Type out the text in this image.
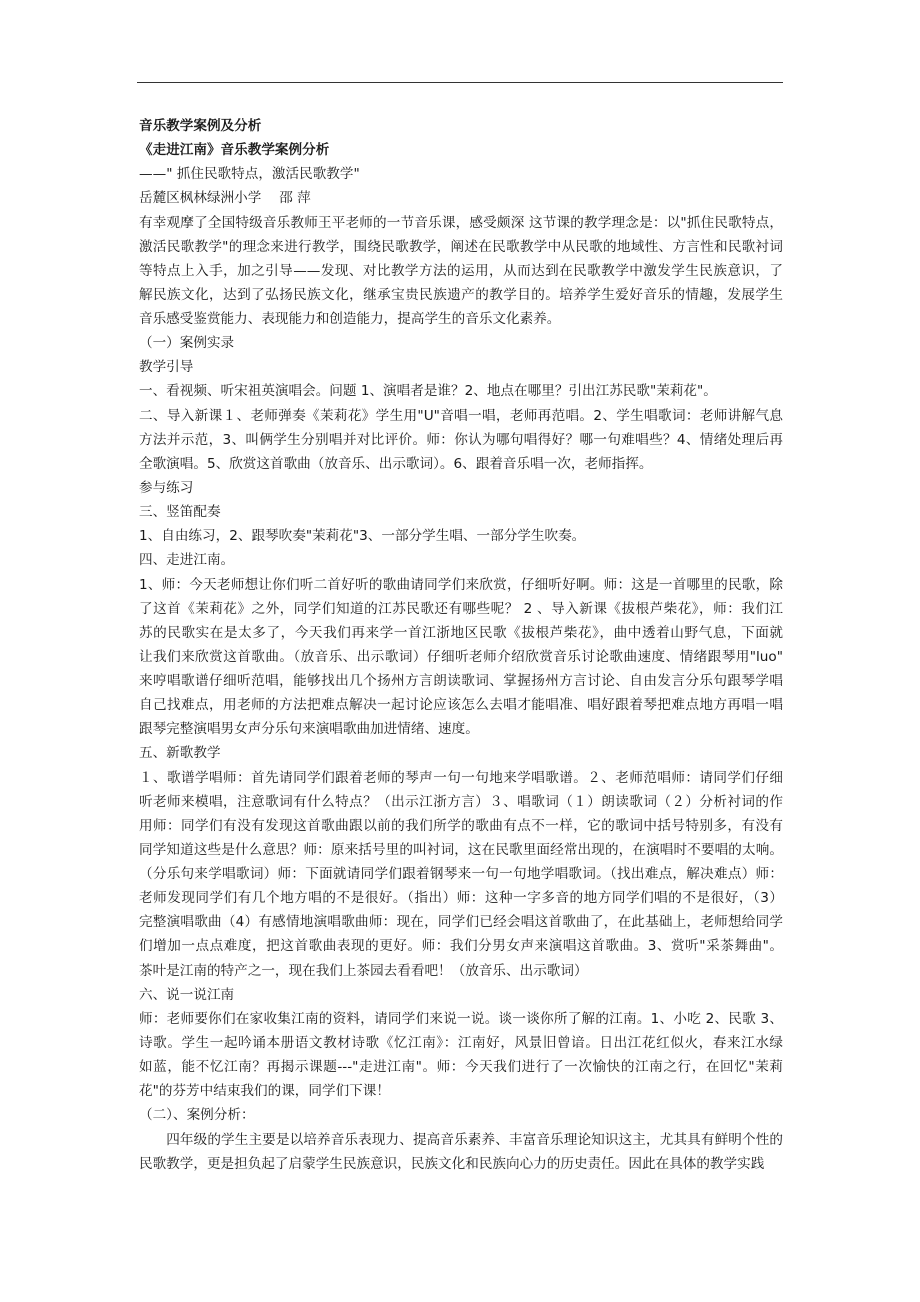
音乐教学案例及分析
《走进江南》音乐教学案例分析
——" 抓住民歌特点，激活民歌教学"
岳麓区枫林绿洲小学　 邵 萍
有幸观摩了全国特级音乐教师王平老师的一节音乐课，感受颇深 这节课的教学理念是：以"抓住民歌特点，
激活民歌教学"的理念来进行教学，围绕民歌教学，阐述在民歌教学中从民歌的地域性、方言性和民歌衬词
等特点上入手，加之引导——发现、对比教学方法的运用，从而达到在民歌教学中激发学生民族意识，了
解民族文化，达到了弘扬民族文化，继承宝贵民族遗产的教学目的。培养学生爱好音乐的情趣，发展学生
音乐感受鉴赏能力、表现能力和创造能力，提高学生的音乐文化素养。
（一）案例实录
教学引导
一、看视频、听宋祖英演唱会。问题 1、演唱者是谁？2、地点在哪里？引出江苏民歌"茉莉花"。
二、导入新课１、老师弹奏《茉莉花》学生用"U"音唱一唱，老师再范唱。2、学生唱歌词：老师讲解气息
方法并示范，3、叫俩学生分别唱并对比评价。师：你认为哪句唱得好？哪一句难唱些？4、情绪处理后再
全歌演唱。5、欣赏这首歌曲（放音乐、出示歌词）。6、跟着音乐唱一次，老师指挥。
参与练习
三、竖笛配奏
1、自由练习，2、跟琴吹奏"茉莉花"3、一部分学生唱、一部分学生吹奏。
四、走进江南。
1、师：今天老师想让你们听二首好听的歌曲请同学们来欣赏，仔细听好啊。师：这是一首哪里的民歌，除
了这首《茉莉花》之外，同学们知道的江苏民歌还有哪些呢？ 2 、导入新课《拔根芦柴花》，师：我们江
苏的民歌实在是太多了，今天我们再来学一首江浙地区民歌《拔根芦柴花》，曲中透着山野气息，下面就
让我们来欣赏这首歌曲。（放音乐、出示歌词）仔细听老师介绍欣赏音乐讨论歌曲速度、情绪跟琴用"luo"
来哼唱歌谱仔细听范唱，能够找出几个扬州方言朗读歌词、掌握扬州方言讨论、自由发言分乐句跟琴学唱
自己找难点，用老师的方法把难点解决一起讨论应该怎么去唱才能唱准、唱好跟着琴把难点地方再唱一唱
跟琴完整演唱男女声分乐句来演唱歌曲加进情绪、速度。
五、新歌教学
１、歌谱学唱师：首先请同学们跟着老师的琴声一句一句地来学唱歌谱。２、老师范唱师：请同学们仔细
听老师来模唱，注意歌词有什么特点？（出示江浙方言）３、唱歌词（１）朗读歌词（２）分析衬词的作
用师：同学们有没有发现这首歌曲跟以前的我们所学的歌曲有点不一样，它的歌词中括号特别多，有没有
同学知道这些是什么意思？师：原来括号里的叫衬词，这在民歌里面经常出现的，在演唱时不要唱的太响。
（分乐句来学唱歌词）师：下面就请同学们跟着钢琴来一句一句地学唱歌词。（找出难点，解决难点）师：
老师发现同学们有几个地方唱的不是很好。（指出）师：这种一字多音的地方同学们唱的不是很好，（3）
完整演唱歌曲（4）有感情地演唱歌曲师：现在，同学们已经会唱这首歌曲了，在此基础上，老师想给同学
们增加一点点难度，把这首歌曲表现的更好。师：我们分男女声来演唱这首歌曲。3、赏听"采茶舞曲"。
茶叶是江南的特产之一，现在我们上茶园去看看吧！（放音乐、出示歌词）
六、说一说江南
师：老师要你们在家收集江南的资料，请同学们来说一说。谈一谈你所了解的江南。1、小吃 2、民歌 3、
诗歌。学生一起吟诵本册语文教材诗歌《忆江南》：江南好，风景旧曾谙。日出江花红似火，春来江水绿
如蓝，能不忆江南？再揭示课题---"走进江南"。师：今天我们进行了一次愉快的江南之行，在回忆"茉莉
花"的芬芳中结束我们的课，同学们下课！
（二）、案例分析：
四年级的学生主要是以培养音乐表现力、提高音乐素养、丰富音乐理论知识这主，尤其具有鲜明个性的
民歌教学，更是担负起了启蒙学生民族意识，民族文化和民族向心力的历史责任。因此在具体的教学实践
